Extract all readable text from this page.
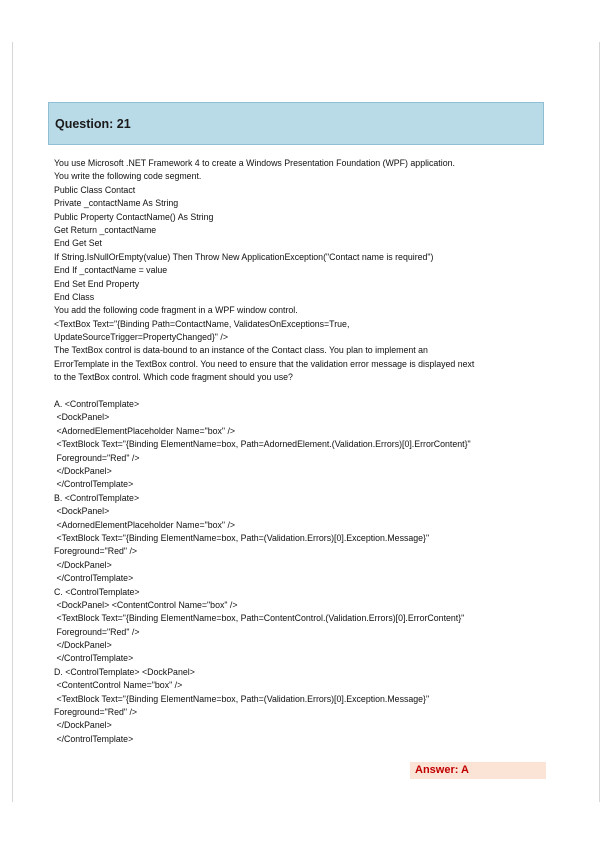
Question: 21
You use Microsoft .NET Framework 4 to create a Windows Presentation Foundation (WPF) application.
You write the following code segment.
Public Class Contact
Private _contactName As String
Public Property ContactName() As String
Get Return _contactName
End Get Set
If String.IsNullOrEmpty(value) Then Throw New ApplicationException("Contact name is required")
End If _contactName = value
End Set End Property
End Class
You add the following code fragment in a WPF window control.
<TextBox Text="{Binding Path=ContactName, ValidatesOnExceptions=True,
UpdateSourceTrigger=PropertyChanged}" />
The TextBox control is data-bound to an instance of the Contact class. You plan to implement an
ErrorTemplate in the TextBox control. You need to ensure that the validation error message is displayed next
to the TextBox control. Which code fragment should you use?
A. <ControlTemplate>
<DockPanel>
<AdornedElementPlaceholder Name="box" />
<TextBlock Text="{Binding ElementName=box, Path=AdornedElement.(Validation.Errors)[0].ErrorContent}"
Foreground="Red" />
</DockPanel>
</ControlTemplate>
B. <ControlTemplate>
<DockPanel>
<AdornedElementPlaceholder Name="box" />
<TextBlock Text="{Binding ElementName=box, Path=(Validation.Errors)[0].Exception.Message}"
Foreground="Red" />
</DockPanel>
</ControlTemplate>
C. <ControlTemplate>
<DockPanel> <ContentControl Name="box" />
<TextBlock Text="{Binding ElementName=box, Path=ContentControl.(Validation.Errors)[0].ErrorContent}"
Foreground="Red" />
</DockPanel>
</ControlTemplate>
D. <ControlTemplate> <DockPanel>
<ContentControl Name="box" />
<TextBlock Text="{Binding ElementName=box, Path=(Validation.Errors)[0].Exception.Message}"
Foreground="Red" />
</DockPanel>
</ControlTemplate>
Answer: A
